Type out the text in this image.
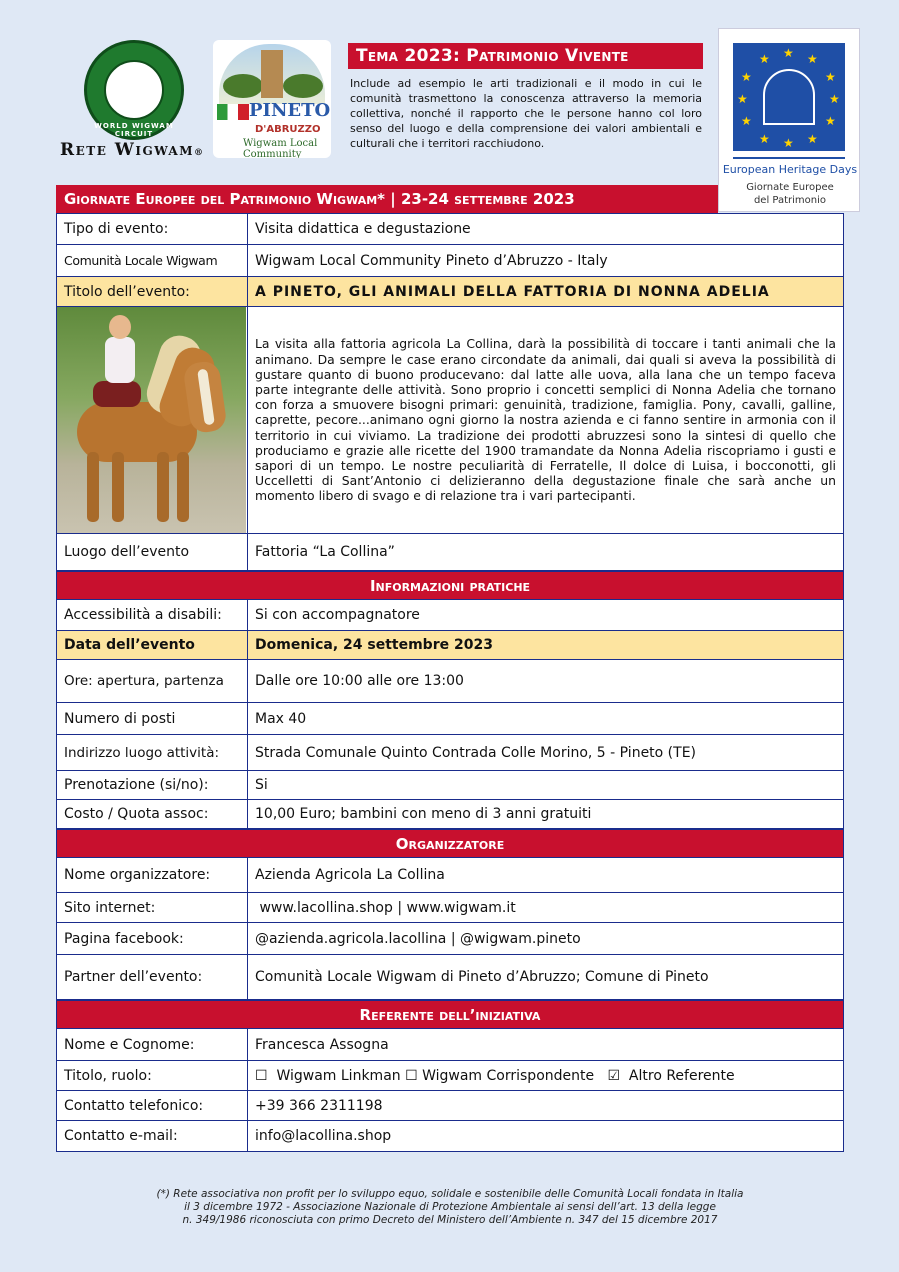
WORLD WIGWAM CIRCUIT
Rete Wigwam®
PINETO
D'ABRUZZO
Wigwam Local Community
Tema 2023: Patrimonio Vivente
Include ad esempio le arti tradizionali e il modo in cui le comunità trasmettono la conoscenza attraverso la memoria collettiva, nonché il rapporto che le persone hanno col loro senso del luogo e della comprensione dei valori ambientali e culturali che i territori racchiudono.
★ ★
★
★
★
★
★
★
★
★
★
★
European Heritage Days
Giornate Europee
del Patrimonio
Giornate Europee del Patrimonio Wigwam* | 23-24 settembre 2023
Tipo di evento:	Visita didattica e degustazione
Comunità Locale Wigwam	Wigwam Local Community Pineto d’Abruzzo - Italy
Titolo dell’evento:	A PINETO, GLI ANIMALI DELLA FATTORIA DI NONNA ADELIA

	La visita alla fattoria agricola La Collina, darà la possibilità di toccare i tanti animali che la animano. Da sempre le case erano circondate da animali, dai quali si aveva la possibilità di gustare quanto di buono producevano: dal latte alle uova, alla lana che un tempo faceva parte integrante delle attività. Sono proprio i concetti semplici di Nonna Adelia che tornano con forza a smuovere bisogni primari: genuinità, tradizione, famiglia. Pony, cavalli, galline, caprette, pecore...animano ogni giorno la nostra azienda e ci fanno sentire in armonia con il territorio in cui viviamo. La tradizione dei prodotti abruzzesi sono la sintesi di quello che produciamo e grazie alle ricette del 1900 tramandate da Nonna Adelia riscopriamo i gusti e sapori di un tempo. Le nostre peculiarità di Ferratelle, Il dolce di Luisa, i bocconotti, gli Uccelletti di Sant’Antonio ci delizieranno della degustazione finale che sarà anche un momento libero di svago e di relazione tra i vari partecipanti.
Luogo dell’evento	Fattoria “La Collina”
Informazioni pratiche
Accessibilità a disabili:	Si con accompagnatore
Data dell’evento	Domenica, 24 settembre 2023
Ore: apertura, partenza	Dalle ore 10:00 alle ore 13:00
Numero di posti	Max 40
Indirizzo luogo attività:	Strada Comunale Quinto Contrada Colle Morino, 5 - Pineto (TE)
Prenotazione (si/no):	Si
Costo / Quota assoc:	10,00 Euro; bambini con meno di 3 anni gratuiti
Organizzatore
Nome organizzatore:	Azienda Agricola La Collina
Sito internet:	www.lacollina.shop | www.wigwam.it
Pagina facebook:	@azienda.agricola.lacollina | @wigwam.pineto
Partner dell’evento:	Comunità Locale Wigwam di Pineto d’Abruzzo; Comune di Pineto
Referente dell’iniziativa
Nome e Cognome:	Francesca Assogna
Titolo, ruolo:	☐  Wigwam Linkman ☐ Wigwam Corrispondente   ☑  Altro Referente
Contatto telefonico:	+39 366 2311198
Contatto e-mail:	info@lacollina.shop
(*) Rete associativa non profit per lo sviluppo equo, solidale e sostenibile delle Comunità Locali fondata in Italia
il 3 dicembre 1972 - Associazione Nazionale di Protezione Ambientale ai sensi dell’art. 13 della legge
n. 349/1986 riconosciuta con primo Decreto del Ministero dell’Ambiente n. 347 del 15 dicembre 2017
